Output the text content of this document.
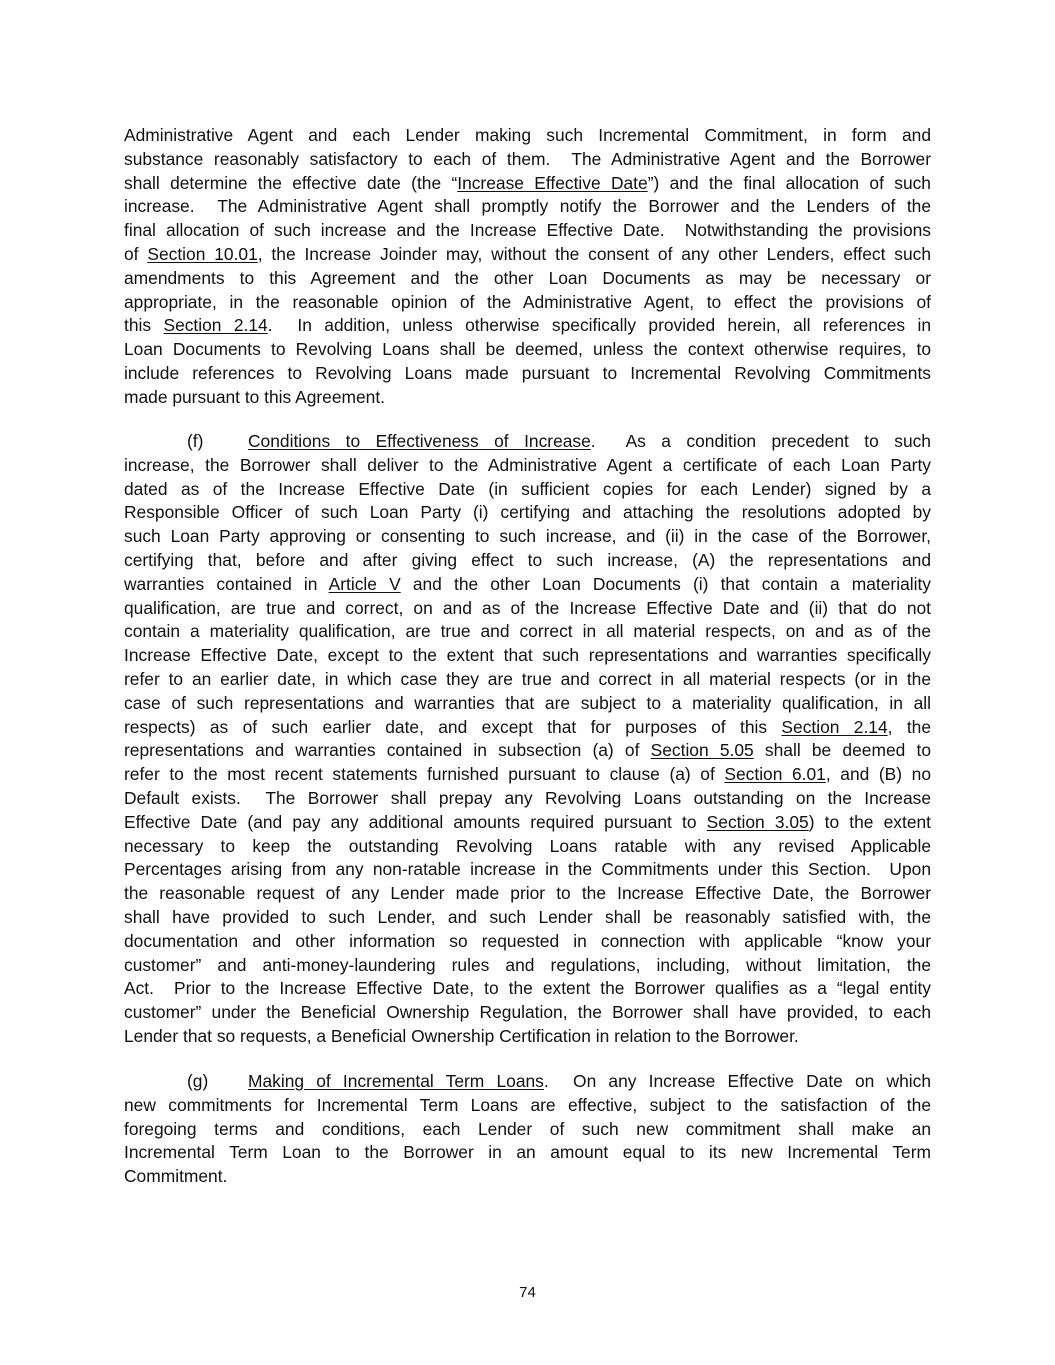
Administrative Agent and each Lender making such Incremental Commitment, in form and
substance reasonably satisfactory to each of them.  The Administrative Agent and the Borrower
shall determine the effective date (the “Increase Effective Date”) and the final allocation of such
increase.  The Administrative Agent shall promptly notify the Borrower and the Lenders of the
final allocation of such increase and the Increase Effective Date.  Notwithstanding the provisions
of Section 10.01, the Increase Joinder may, without the consent of any other Lenders, effect such
amendments to this Agreement and the other Loan Documents as may be necessary or
appropriate, in the reasonable opinion of the Administrative Agent, to effect the provisions of
this Section 2.14.  In addition, unless otherwise specifically provided herein, all references in
Loan Documents to Revolving Loans shall be deemed, unless the context otherwise requires, to
include references to Revolving Loans made pursuant to Incremental Revolving Commitments
made pursuant to this Agreement.
(f)	Conditions to Effectiveness of Increase.  As a condition precedent to such
increase, the Borrower shall deliver to the Administrative Agent a certificate of each Loan Party
dated as of the Increase Effective Date (in sufficient copies for each Lender) signed by a
Responsible Officer of such Loan Party (i) certifying and attaching the resolutions adopted by
such Loan Party approving or consenting to such increase, and (ii) in the case of the Borrower,
certifying that, before and after giving effect to such increase, (A) the representations and
warranties contained in Article V and the other Loan Documents (i) that contain a materiality
qualification, are true and correct, on and as of the Increase Effective Date and (ii) that do not
contain a materiality qualification, are true and correct in all material respects, on and as of the
Increase Effective Date, except to the extent that such representations and warranties specifically
refer to an earlier date, in which case they are true and correct in all material respects (or in the
case of such representations and warranties that are subject to a materiality qualification, in all
respects) as of such earlier date, and except that for purposes of this Section 2.14, the
representations and warranties contained in subsection (a) of Section 5.05 shall be deemed to
refer to the most recent statements furnished pursuant to clause (a) of Section 6.01, and (B) no
Default exists.  The Borrower shall prepay any Revolving Loans outstanding on the Increase
Effective Date (and pay any additional amounts required pursuant to Section 3.05) to the extent
necessary to keep the outstanding Revolving Loans ratable with any revised Applicable
Percentages arising from any non-ratable increase in the Commitments under this Section.  Upon
the reasonable request of any Lender made prior to the Increase Effective Date, the Borrower
shall have provided to such Lender, and such Lender shall be reasonably satisfied with, the
documentation and other information so requested in connection with applicable “know your
customer” and anti-money-laundering rules and regulations, including, without limitation, the
Act.  Prior to the Increase Effective Date, to the extent the Borrower qualifies as a “legal entity
customer” under the Beneficial Ownership Regulation, the Borrower shall have provided, to each
Lender that so requests, a Beneficial Ownership Certification in relation to the Borrower.
(g) Making of Incremental Term Loans.  On any Increase Effective Date on which
new commitments for Incremental Term Loans are effective, subject to the satisfaction of the
foregoing terms and conditions, each Lender of such new commitment shall make an
Incremental Term Loan to the Borrower in an amount equal to its new Incremental Term
Commitment.
74
